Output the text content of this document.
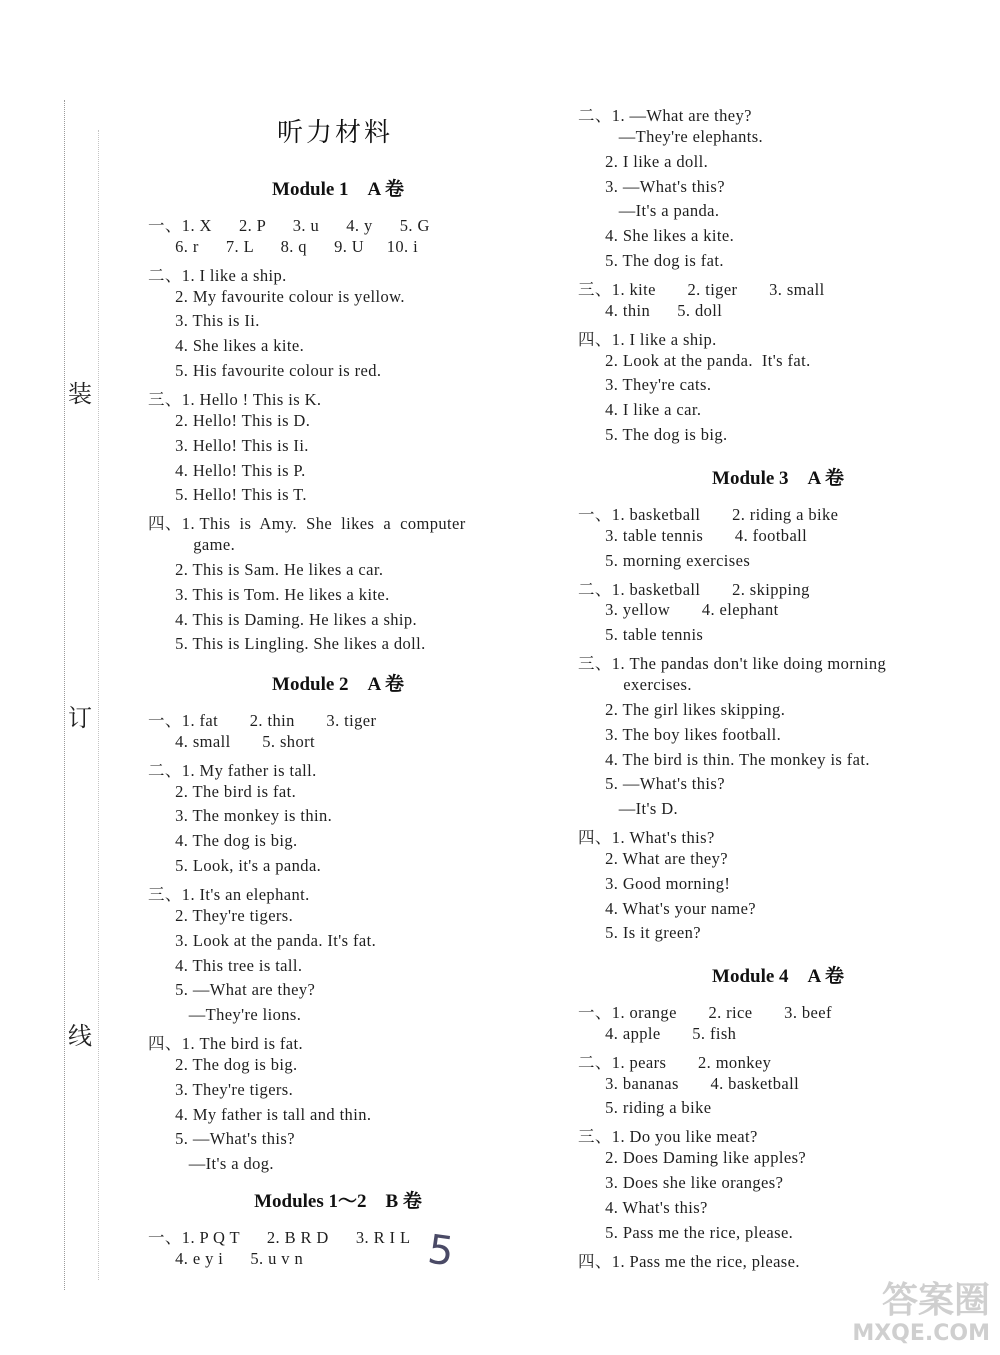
装
订
线
听力材料
Module 1　A 卷
一、1. X      2. P      3. u      4. y      5. G
6. r      7. L      8. q      9. U     10. i
二、1. I like a ship.
2. My favourite colour is yellow.
3. This is Ii.
4. She likes a kite.
5. His favourite colour is red.
三、1. Hello ! This is K.
2. Hello! This is D.
3. Hello! This is Ii.
4. Hello! This is P.
5. Hello! This is T.
四、1. This  is  Amy.  She  likes  a  computer
game.
2. This is Sam. He likes a car.
3. This is Tom. He likes a kite.
4. This is Daming. He likes a ship.
5. This is Lingling. She likes a doll.
Module 2　A 卷
一、1. fat       2. thin       3. tiger
4. small       5. short
二、1. My father is tall.
2. The bird is fat.
3. The monkey is thin.
4. The dog is big.
5. Look, it's a panda.
三、1. It's an elephant.
2. They're tigers.
3. Look at the panda. It's fat.
4. This tree is tall.
5. —What are they?
—They're lions.
四、1. The bird is fat.
2. The dog is big.
3. They're tigers.
4. My father is tall and thin.
5. —What's this?
—It's a dog.
Modules 1～2　B 卷
一、1. P Q T      2. B R D      3. R I L
4. e y i      5. u v n
二、1. —What are they?
—They're elephants.
2. I like a doll.
3. —What's this?
—It's a panda.
4. She likes a kite.
5. The dog is fat.
三、1. kite       2. tiger       3. small
4. thin      5. doll
四、1. I like a ship.
2. Look at the panda.  It's fat.
3. They're cats.
4. I like a car.
5. The dog is big.
Module 3　A 卷
一、1. basketball       2. riding a bike
3. table tennis       4. football
5. morning exercises
二、1. basketball       2. skipping
3. yellow       4. elephant
5. table tennis
三、1. The pandas don't like doing morning
exercises.
2. The girl likes skipping.
3. The boy likes football.
4. The bird is thin. The monkey is fat.
5. —What's this?
—It's D.
四、1. What's this?
2. What are they?
3. Good morning!
4. What's your name?
5. Is it green?
Module 4　A 卷
一、1. orange       2. rice       3. beef
4. apple       5. fish
二、1. pears       2. monkey
3. bananas       4. basketball
5. riding a bike
三、1. Do you like meat?
2. Does Daming like apples?
3. Does she like oranges?
4. What's this?
5. Pass me the rice, please.
四、1. Pass me the rice, please.
5
答案圈
MXQE.COM
